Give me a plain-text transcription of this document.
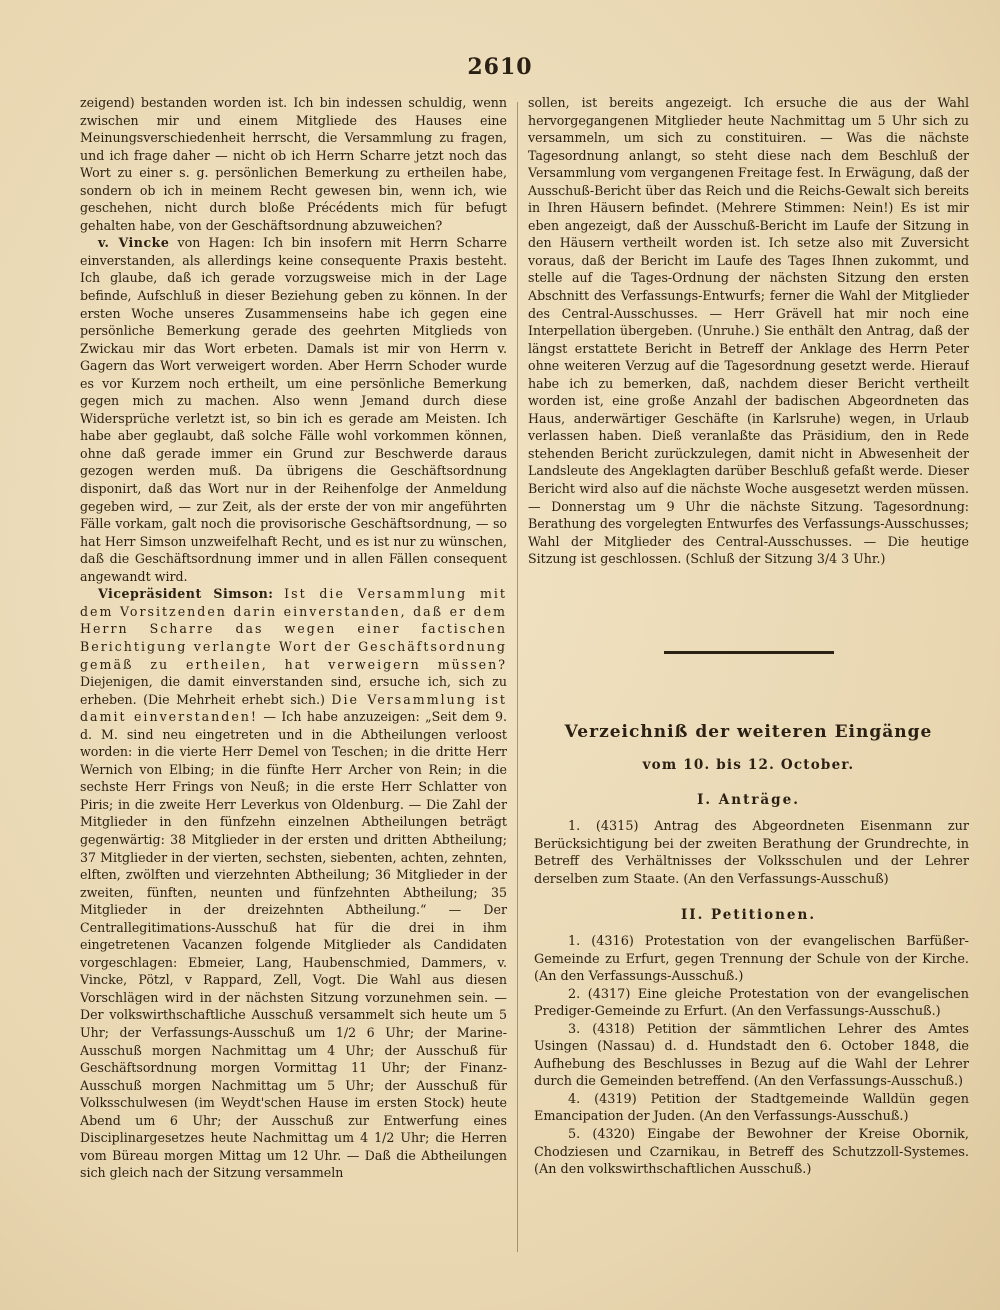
2610

zeigend) bestanden worden ist. Ich bin indessen schuldig, wenn zwischen mir und einem Mitgliede des Hauses eine Meinungsverschiedenheit herrscht, die Versammlung zu fragen, und ich frage daher — nicht ob ich Herrn Scharre jetzt noch das Wort zu einer s. g. persönlichen Bemerkung zu ertheilen habe, sondern ob ich in meinem Recht gewesen bin, wenn ich, wie geschehen, nicht durch bloße Précédents mich für befugt gehalten habe, von der Geschäftsordnung abzuweichen?

v. Vincke von Hagen: Ich bin insofern mit Herrn Scharre einverstanden, als allerdings keine consequente Praxis besteht. Ich glaube, daß ich gerade vorzugsweise mich in der Lage befinde, Aufschluß in dieser Beziehung geben zu können. In der ersten Woche unseres Zusammenseins habe ich gegen eine persönliche Bemerkung gerade des geehrten Mitglieds von Zwickau mir das Wort erbeten. Damals ist mir von Herrn v. Gagern das Wort verweigert worden. Aber Herrn Schoder wurde es vor Kurzem noch ertheilt, um eine persönliche Bemerkung gegen mich zu machen. Also wenn Jemand durch diese Widersprüche verletzt ist, so bin ich es gerade am Meisten. Ich habe aber geglaubt, daß solche Fälle wohl vorkommen können, ohne daß gerade immer ein Grund zur Beschwerde daraus gezogen werden muß. Da übrigens die Geschäftsordnung disponirt, daß das Wort nur in der Reihenfolge der Anmeldung gegeben wird, — zur Zeit, als der erste der von mir angeführten Fälle vorkam, galt noch die provisorische Geschäftsordnung, — so hat Herr Simson unzweifelhaft Recht, und es ist nur zu wünschen, daß die Geschäftsordnung immer und in allen Fällen consequent angewandt wird.

Vicepräsident Simson: Ist die Versammlung mit dem Vorsitzenden darin einverstanden, daß er dem Herrn Scharre das wegen einer factischen Berichtigung verlangte Wort der Geschäftsordnung gemäß zu ertheilen, hat verweigern müssen? Diejenigen, die damit einverstanden sind, ersuche ich, sich zu erheben. (Die Mehrheit erhebt sich.) Die Versammlung ist damit einverstanden! — Ich habe anzuzeigen: „Seit dem 9. d. M. sind neu eingetreten und in die Abtheilungen verloost worden: in die vierte Herr Demel von Teschen; in die dritte Herr Wernich von Elbing; in die fünfte Herr Archer von Rein; in die sechste Herr Frings von Neuß; in die erste Herr Schlatter von Piris; in die zweite Herr Leverkus von Oldenburg. — Die Zahl der Mitglieder in den fünfzehn einzelnen Abtheilungen beträgt gegenwärtig: 38 Mitglieder in der ersten und dritten Abtheilung; 37 Mitglieder in der vierten, sechsten, siebenten, achten, zehnten, elften, zwölften und vierzehnten Abtheilung; 36 Mitglieder in der zweiten, fünften, neunten und fünfzehnten Abtheilung; 35 Mitglieder in der dreizehnten Abtheilung.“ — Der Centrallegitimations-Ausschuß hat für die drei in ihm eingetretenen Vacanzen folgende Mitglieder als Candidaten vorgeschlagen: Ebmeier, Lang, Haubenschmied, Dammers, v. Vincke, Pötzl, v Rappard, Zell, Vogt. Die Wahl aus diesen Vorschlägen wird in der nächsten Sitzung vorzunehmen sein. — Der volkswirthschaftliche Ausschuß versammelt sich heute um 5 Uhr; der Verfassungs-Ausschuß um 1/2 6 Uhr; der Marine-Ausschuß morgen Nachmittag um 4 Uhr; der Ausschuß für Geschäftsordnung morgen Vormittag 11 Uhr; der Finanz-Ausschuß morgen Nachmittag um 5 Uhr; der Ausschuß für Volksschulwesen (im Weydt'schen Hause im ersten Stock) heute Abend um 6 Uhr; der Ausschuß zur Entwerfung eines Disciplinargesetzes heute Nachmittag um 4 1/2 Uhr; die Herren vom Büreau morgen Mittag um 12 Uhr. — Daß die Abtheilungen sich gleich nach der Sitzung versammeln

sollen, ist bereits angezeigt. Ich ersuche die aus der Wahl hervorgegangenen Mitglieder heute Nachmittag um 5 Uhr sich zu versammeln, um sich zu constituiren. — Was die nächste Tagesordnung anlangt, so steht diese nach dem Beschluß der Versammlung vom vergangenen Freitage fest. In Erwägung, daß der Ausschuß-Bericht über das Reich und die Reichs-Gewalt sich bereits in Ihren Häusern befindet. (Mehrere Stimmen: Nein!) Es ist mir eben angezeigt, daß der Ausschuß-Bericht im Laufe der Sitzung in den Häusern vertheilt worden ist. Ich setze also mit Zuversicht voraus, daß der Bericht im Laufe des Tages Ihnen zukommt, und stelle auf die Tages-Ordnung der nächsten Sitzung den ersten Abschnitt des Verfassungs-Entwurfs; ferner die Wahl der Mitglieder des Central-Ausschusses. — Herr Grävell hat mir noch eine Interpellation übergeben. (Unruhe.) Sie enthält den Antrag, daß der längst erstattete Bericht in Betreff der Anklage des Herrn Peter ohne weiteren Verzug auf die Tagesordnung gesetzt werde. Hierauf habe ich zu bemerken, daß, nachdem dieser Bericht vertheilt worden ist, eine große Anzahl der badischen Abgeordneten das Haus, anderwärtiger Geschäfte (in Karlsruhe) wegen, in Urlaub verlassen haben. Dieß veranlaßte das Präsidium, den in Rede stehenden Bericht zurückzulegen, damit nicht in Abwesenheit der Landsleute des Angeklagten darüber Beschluß gefaßt werde. Dieser Bericht wird also auf die nächste Woche ausgesetzt werden müssen. — Donnerstag um 9 Uhr die nächste Sitzung. Tagesordnung: Berathung des vorgelegten Entwurfes des Verfassungs-Ausschusses; Wahl der Mitglieder des Central-Ausschusses. — Die heutige Sitzung ist geschlossen. (Schluß der Sitzung 3/4 3 Uhr.)

Verzeichniß der weiteren Eingänge
vom 10. bis 12. October.
I. Anträge.

1. (4315) Antrag des Abgeordneten Eisenmann zur Berücksichtigung bei der zweiten Berathung der Grundrechte, in Betreff des Verhältnisses der Volksschulen und der Lehrer derselben zum Staate. (An den Verfassungs-Ausschuß)

II. Petitionen.

1. (4316) Protestation von der evangelischen Barfüßer-Gemeinde zu Erfurt, gegen Trennung der Schule von der Kirche. (An den Verfassungs-Ausschuß.)

2. (4317) Eine gleiche Protestation von der evangelischen Prediger-Gemeinde zu Erfurt. (An den Verfassungs-Ausschuß.)

3. (4318) Petition der sämmtlichen Lehrer des Amtes Usingen (Nassau) d. d. Hundstadt den 6. October 1848, die Aufhebung des Beschlusses in Bezug auf die Wahl der Lehrer durch die Gemeinden betreffend. (An den Verfassungs-Ausschuß.)

4. (4319) Petition der Stadtgemeinde Walldün gegen Emancipation der Juden. (An den Verfassungs-Ausschuß.)

5. (4320) Eingabe der Bewohner der Kreise Obornik, Chodziesen und Czarnikau, in Betreff des Schutzzoll-Systemes. (An den volkswirthschaftlichen Ausschuß.)
